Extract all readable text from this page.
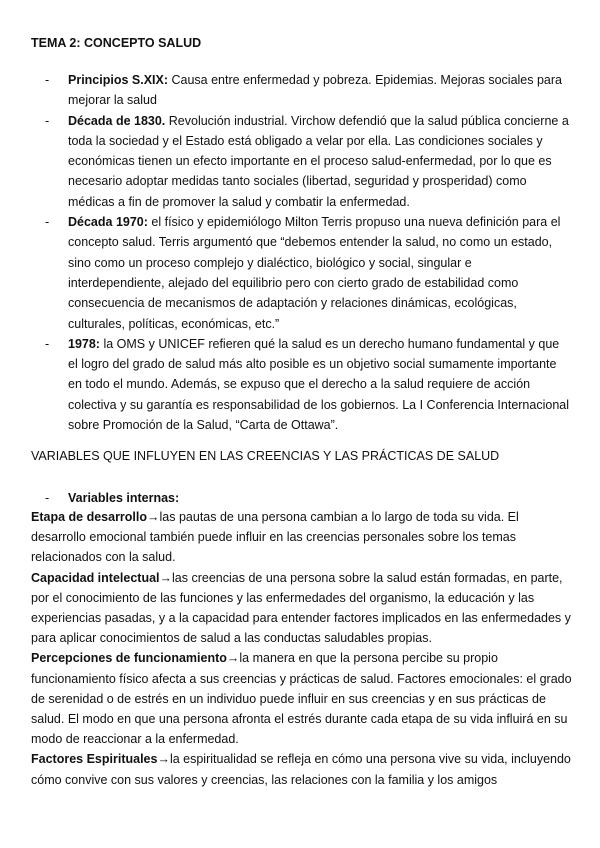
TEMA 2: CONCEPTO SALUD
- Principios S.XIX: Causa entre enfermedad y pobreza. Epidemias. Mejoras sociales para mejorar la salud
- Década de 1830. Revolución industrial. Virchow defendió que la salud pública concierne a toda la sociedad y el Estado está obligado a velar por ella. Las condiciones sociales y económicas tienen un efecto importante en el proceso salud-enfermedad, por lo que es necesario adoptar medidas tanto sociales (libertad, seguridad y prosperidad) como médicas a fin de promover la salud y combatir la enfermedad.
- Década 1970: el físico y epidemiólogo Milton Terris propuso una nueva definición para el concepto salud. Terris argumentó que “debemos entender la salud, no como un estado, sino como un proceso complejo y dialéctico, biológico y social, singular e interdependiente, alejado del equilibrio pero con cierto grado de estabilidad como consecuencia de mecanismos de adaptación y relaciones dinámicas, ecológicas, culturales, políticas, económicas, etc.”
- 1978: la OMS y UNICEF refieren qué la salud es un derecho humano fundamental y que el logro del grado de salud más alto posible es un objetivo social sumamente importante en todo el mundo. Además, se expuso que el derecho a la salud requiere de acción colectiva y su garantía es responsabilidad de los gobiernos. La I Conferencia Internacional sobre Promoción de la Salud, “Carta de Ottawa”.
VARIABLES QUE INFLUYEN EN LAS CREENCIAS Y LAS PRÁCTICAS DE SALUD
- Variables internas:

Etapa de desarrollo→las pautas de una persona cambian a lo largo de toda su vida. El desarrollo emocional también puede influir en las creencias personales sobre los temas relacionados con la salud.

Capacidad intelectual→las creencias de una persona sobre la salud están formadas, en parte, por el conocimiento de las funciones y las enfermedades del organismo, la educación y las experiencias pasadas, y a la capacidad para entender factores implicados en las enfermedades y para aplicar conocimientos de salud a las conductas saludables propias.

Percepciones de funcionamiento→la manera en que la persona percibe su propio funcionamiento físico afecta a sus creencias y prácticas de salud. Factores emocionales: el grado de serenidad o de estrés en un individuo puede influir en sus creencias y en sus prácticas de salud. El modo en que una persona afronta el estrés durante cada etapa de su vida influirá en su modo de reaccionar a la enfermedad.

Factores Espirituales→la espiritualidad se refleja en cómo una persona vive su vida, incluyendo cómo convive con sus valores y creencias, las relaciones con la familia y los amigos
